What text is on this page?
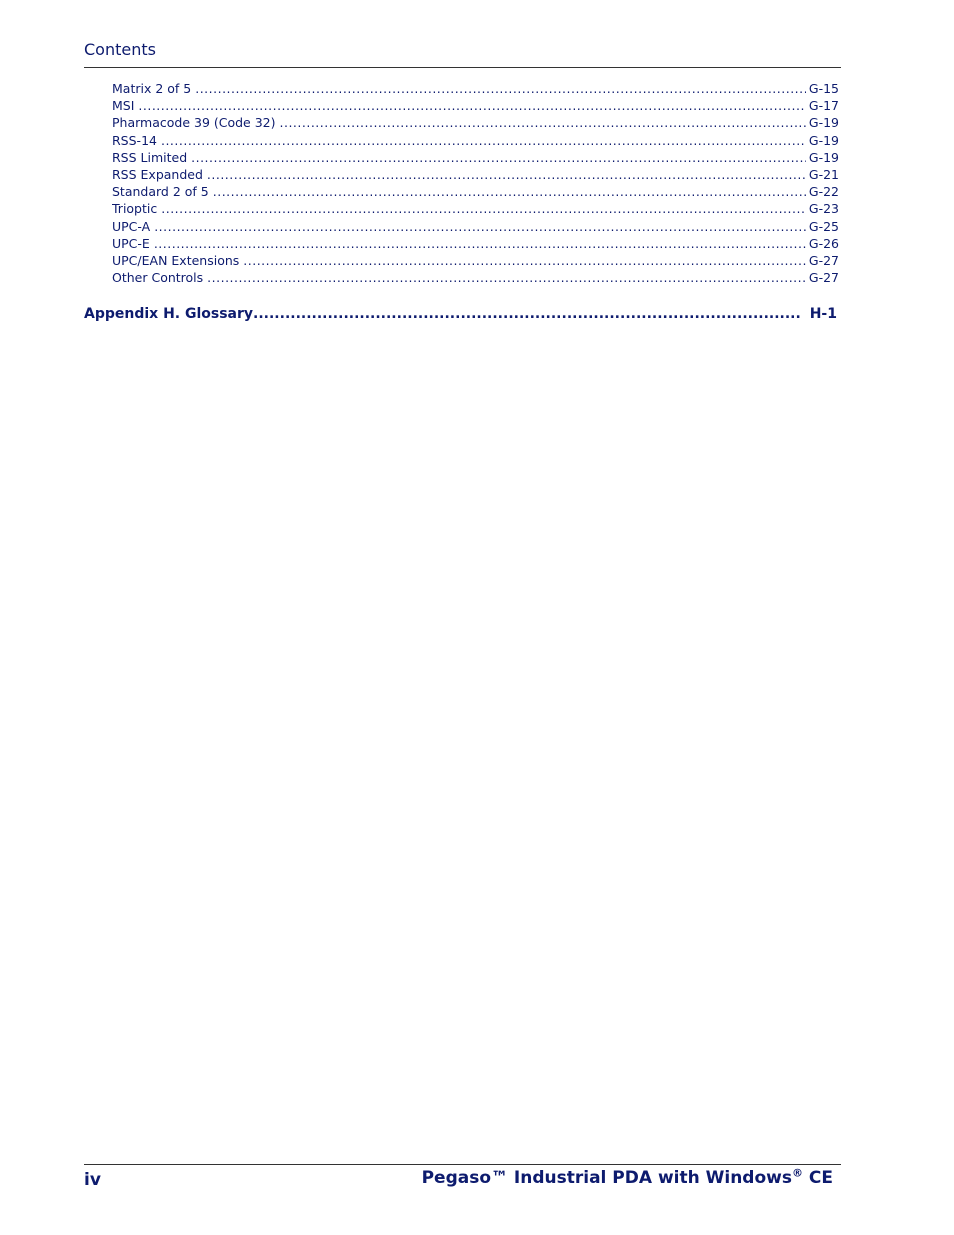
Contents
Matrix 2 of 5 .....	G-15
MSI .....	G-17
Pharmacode 39 (Code 32) .....	G-19
RSS-14 .....	G-19
RSS Limited .....	G-19
RSS Expanded .....	G-21
Standard 2 of 5 .....	G-22
Trioptic .....	G-23
UPC-A .....	G-25
UPC-E .....	G-26
UPC/EAN Extensions .....	G-27
Other Controls .....	G-27
Appendix H. Glossary .....	H-1
iv	Pegaso™ Industrial PDA with Windows® CE
